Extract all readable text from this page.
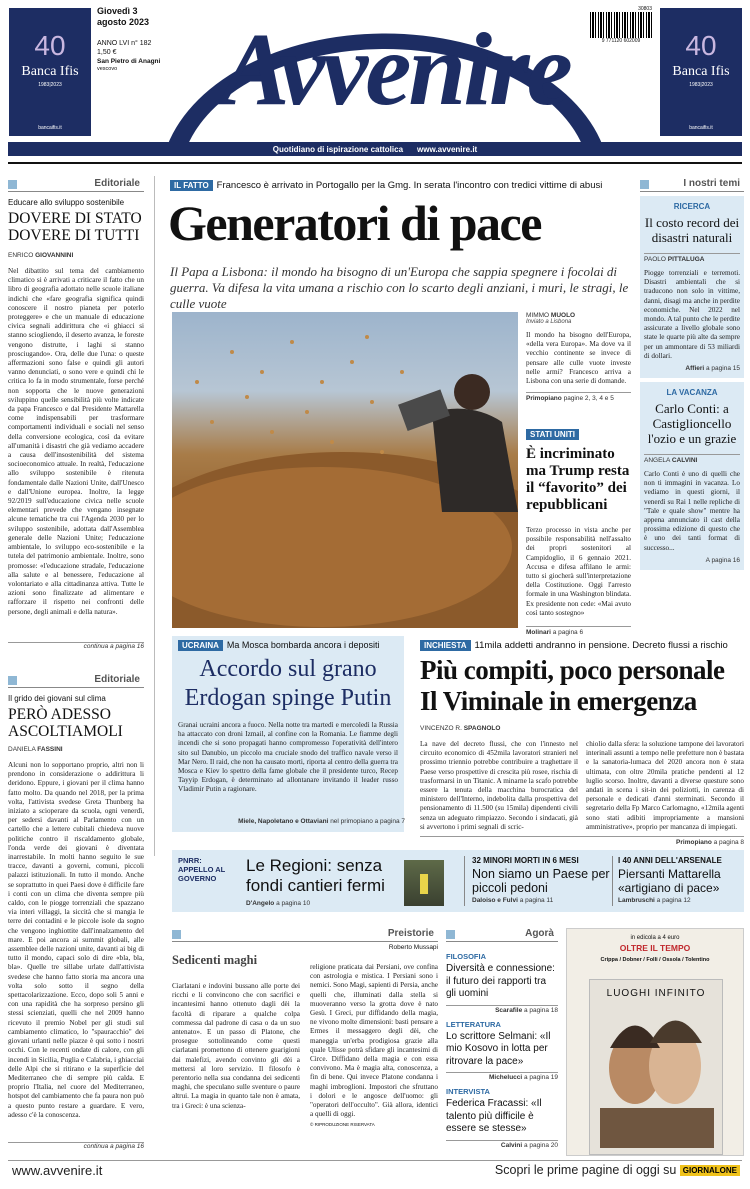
40
Banca Ifis
1983|2023
bancaifis.it
Giovedì 3 agosto 2023
ANNO LVI n° 182
1,50 €
San Pietro di Anagni
vescovo Avvenire
30803
9 771120 602009	40
Banca Ifis
1983|2023
bancaifis.it
Quotidiano di ispirazione cattolica www.avvenire.it
Editoriale
Educare allo sviluppo sostenibile
DOVERE DI STATO DOVERE DI TUTTI
ENRICO GIOVANNINI
Nel dibattito sul tema del cambiamento climatico si è arrivati a criticare il fatto che un libro di geografia adottato nelle scuole italiane indichi che «fare geografia significa quindi conoscere il nostro pianeta per poterlo proteggere» e che un manuale di educazione civica segnali addirittura che «i ghiacci si stanno sciogliendo, il deserto avanza, le foreste vengono distrutte, i laghi si stanno prosciugando». Ora, delle due l'una: o queste affermazioni sono false e quindi gli autori vanno denunciati, o sono vere e quindi chi le critica lo fa in modo strumentale, forse perché non sopporta che le nuove generazioni sviluppino quelle sensibilità più volte indicate da papa Francesco e dal Presidente Mattarella come indispensabili per trasformare comportamenti individuali e sociali nel senso della conversione ecologica, così da evitare all'umanità i disastri che già vediamo accadere a causa dell'insostenibilità del sistema socioeconomico attuale. In realtà, l'educazione allo sviluppo sostenibile è ritenuta fondamentale dalle Nazioni Unite, dall'Unesco e dall'Unione europea. Inoltre, la legge 92/2019 sull'educazione civica nelle scuole elementari prevede che vengano insegnate alcune tematiche tra cui l'Agenda 2030 per lo sviluppo sostenibile, adottata dall'Assemblea generale delle Nazioni Unite; l'educazione ambientale, lo sviluppo eco-sostenibile e la tutela del patrimonio ambientale. Inoltre, sono promosse: «l'educazione stradale, l'educazione alla salute e al benessere, l'educazione al volontariato e alla cittadinanza attiva. Tutte le azioni sono finalizzate ad alimentare e rafforzare il rispetto nei confronti delle persone, degli animali e della natura».
continua a pagina 16
Editoriale
Il grido dei giovani sul clima
PERÒ ADESSO ASCOLTIAMOLI
DANIELA FASSINI
Alcuni non lo sopportano proprio, altri non li prendono in considerazione o addirittura li deridono. Eppure, i giovani per il clima hanno fatto molto. Da quando nel 2018, per la prima volta, l'attivista svedese Greta Thunberg ha iniziato a scioperare da scuola, ogni venerdì, per sedersi davanti al Parlamento con un cartello che a lettere cubitali chiedeva nuove politiche contro il riscaldamento globale, l'onda verde dei giovani è diventata inarrestabile. In molti hanno seguito le sue tracce, davanti a governi, comuni, piccoli palazzi istituzionali. In tutto il mondo. Anche se soprattutto in quei Paesi dove è difficile fare i conti con un clima che diventa sempre più caldo, con le piogge torrenziali che spazzano via interi villaggi, la siccità che si mangia le terre dei contadini e le piccole isole da sogno che vengono inghiottite dall'innalzamento del mare. E poi ancora ai summit globali, alle assemblee delle nazioni unite, davanti ai big di tutto il mondo, capaci solo di dire «bla, bla, bla». Quelle tre sillabe urlate dall'attivista svedese che hanno fatto storia ma ancora una volta solo sotto il segno della spettacolarizzazione. Ecco, dopo soli 5 anni e con una rapidità che ha sorpreso persino gli stessi scienziati, quelli che nel 2009 hanno ricevuto il premio Nobel per gli studi sul cambiamento climatico, lo "spauracchio" dei giovani urlanti nelle piazze è qui sotto i nostri occhi. Con le recenti ondate di calore, con gli incendi in Sicilia, Puglia e Calabria, i ghiacciai delle Alpi che si ritirano e la superficie del Mediterraneo che di sempre più calda. E proprio l'Italia, nel cuore del Mediterraneo, hotspot del cambiamento che fa paura non può a questo punto restare a guardare. E vero, adesso c'è la conoscenza.
continua a pagina 16
IL FATTO Francesco è arrivato in Portogallo per la Gmg. In serata l'incontro con tredici vittime di abusi
Generatori di pace
Il Papa a Lisbona: il mondo ha bisogno di un'Europa che sappia spegnere i focolai di guerra. Va difesa la vita umana a rischio con lo scarto degli anziani, i muri, le stragi, le culle vuote
MIMMO MUOLO
Inviato a Lisbona
Il mondo ha bisogno dell'Europa, «della vera Europa». Ma dove va il vecchio continente se invece di pensare alle culle vuote investe nelle armi? Francesco arriva a Lisbona con una serie di domande.
Primopiano pagine 2, 3, 4 e 5
STATI UNITI
È incriminato ma Trump resta il “favorito” dei repubblicani
Terzo processo in vista anche per possibile responsabilità nell'assalto dei propri sostenitori al Campidoglio, il 6 gennaio 2021. Accusa e difesa affilano le armi: tutto si giocherà sull'interpretazione della Costituzione. Oggi l'arresto formale in una Washington blindata. Ex presidente non cede: «Mai avuto così tanto sostegno»
Molinari a pagina 6
I nostri temi
RICERCA
Il costo record dei disastri naturali
PAOLO PITTALUGA
Piogge torrenziali e terremoti. Disastri ambientali che si traducono non solo in vittime, danni, disagi ma anche in perdite economiche. Nel 2022 nel mondo. A tal punto che le perdite assicurate a livello globale sono state le quarte più alte da sempre per un ammontare di 53 miliardi di dollari.
Affieri a pagina 15
LA VACANZA
Carlo Conti: a Castiglioncello l'ozio e un grazie
ANGELA CALVINI
Carlo Conti è uno di quelli che non ti immagini in vacanza. Lo vediamo in questi giorni, il venerdì su Rai 1 nelle repliche di "Tale e quale show" mentre ha appena annunciato il cast della prossima edizione di questo che è uno dei tanti format di successo...
A pagina 16
UCRAINA Ma Mosca bombarda ancora i depositi
Accordo sul grano Erdogan spinge Putin
Granai ucraini ancora a fuoco. Nella notte tra martedì e mercoledì la Russia ha attaccato con droni Izmail, al confine con la Romania. Le fiamme degli incendi che si sono propagati hanno compromesso l'operatività dell'intero sito sul Danubio, un piccolo ma cruciale snodo del traffico navale verso il Mar Nero. Il raid, che non ha causato morti, riporta al centro della guerra tra Mosca e Kiev lo spettro della fame globale che il presidente turco, Recep Tayyip Erdogan, è determinato ad allontanare invitando il leader russo Vladimir Putin a ragionare.
Miele, Napoletano e Ottaviani nel primopiano a pagina 7
INCHIESTA 11mila addetti andranno in pensione. Decreto flussi a rischio
Più compiti, poco personale Il Viminale in emergenza
VINCENZO R. SPAGNOLO
La nave del decreto flussi, che con l'innesto nel circuito economico di 452mila lavoratori stranieri nel prossimo triennio potrebbe contribuire a traghettare il Paese verso prospettive di crescita più rosee, rischia di trasformarsi in un Titanic. A minarne la scafo potrebbe essere la tenuta della macchina burocratica del ministero dell'Interno, indebolita dalla prospettiva del pensionamento di 11.500 (su 15mila) dipendenti civili senza un adeguato rimpiazzo. Secondo i sindacati, già si avvertono i primi segnali di scric-
chiolio dalla sfera: la soluzione tampone dei lavoratori interinali assunti a tempo nelle prefetture non è bastata e la sanatoria-lumaca del 2020 ancora non è stata ultimata, con oltre 20mila pratiche pendenti al 12 luglio scorso. Inoltre, davanti a diverse questure sono andati in scena i sit-in dei poliziotti, in carenza di personale e dedicati d'anni sterminati. Secondo il segretario della Fp Marco Carlomagno, «12mila agenti sono stati adibiti impropriamente a mansioni amministrative», proprio per mancanza di impiegati.
Primopiano a pagina 8
PNRR: APPELLO AL GOVERNO
Le Regioni: senza fondi cantieri fermi
D'Angelo a pagina 10
32 MINORI MORTI IN 6 MESI
Non siamo un Paese per piccoli pedoni
Daloiso e Fulvi a pagina 11
I 40 ANNI DELL'ARSENALE
Piersanti Mattarella «artigiano di pace»
Lambruschi a pagina 12
Preistorie
Roberto Mussapi
Sedicenti maghi
Ciarlatani e indovini bussano alle porte dei ricchi e li convincono che con sacrifici e incantesimi hanno ottenuto dagli dèi la facoltà di riparare a qualche colpa commessa dal padrone di casa o da un suo antenato». E un passo di Platone, che prosegue sottolineando come questi ciarlatani promettono di ottenere guarigioni dai malefizi, avendo convinto gli dèi a mettersi al loro servizio. Il filosofo è perentorio nella sua condanna dei sedicenti maghi, che speculano sulle sventure o paure altrui. La magia in quanto tale non è amata, tra i Greci: è una scienza-
religione praticata dai Persiani, ove confina con astrologia e mistica. I Persiani sono i nemici. Sono Magi, sapienti di Persia, anche quelli che, illuminati dalla stella si muoveranno verso la grotta dove è nato Gesù. I Greci, pur diffidando della magia, ne vivono molte dimensioni: basti pensare a Ermes il messaggero degli dèi, che maneggia un'erba prodigiosa grazie alla quale Ulisse potrà sfidare gli incantesimi di Circe. Diffidano della magia e con essa convivono. Ma è magia alta, conoscenza, a fin di bene. Qui invece Platone condanna i maghi imbroglioni. Impostori che sfruttano i dolori e le angosce dell'uomo: gli "operatori dell'occulto". Già allora, identici a quelli di oggi.
© RIPRODUZIONE RISERVATA
Agorà
FILOSOFIA
Diversità e connessione: il futuro dei rapporti tra gli uomini
Scarafile a pagina 18
LETTERATURA
Lo scrittore Selmani: «Il mio Kosovo in lotta per ritrovare la pace»
Michelucci a pagina 19
INTERVISTA
Federica Fracassi: «Il talento più difficile è essere se stesse»
Calvini a pagina 20
in edicola a 4 euro
OLTRE IL TEMPO
Crippa / Dobner / Folli / Ossola / Tolentino
LUOGHI INFINITO
www.avvenire.it	Scopri le prime pagine di oggi su GIORNALONE
